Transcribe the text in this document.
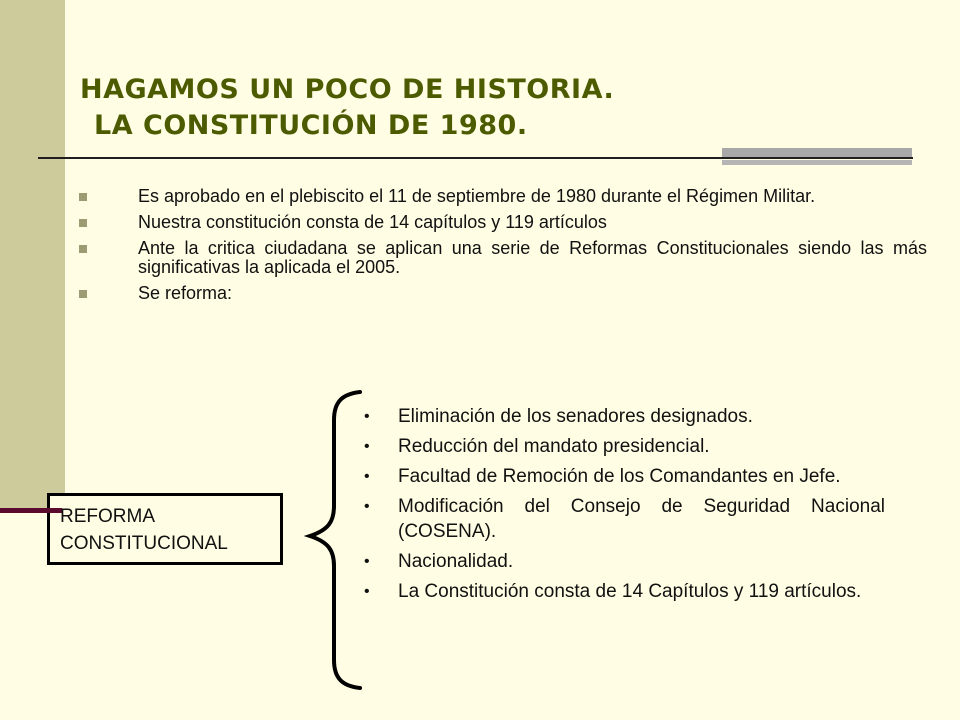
HAGAMOS UN POCO DE HISTORIA.
LA CONSTITUCIÓN DE 1980.
Es aprobado en el plebiscito el 11 de septiembre de 1980 durante el Régimen Militar.
Nuestra constitución consta de 14 capítulos y 119 artículos
Ante la critica ciudadana se aplican una serie de Reformas Constitucionales siendo las más significativas la aplicada el 2005.
Se reforma:
REFORMA
CONSTITUCIONAL
• Eliminación de los senadores designados.
• Reducción del mandato presidencial.
• Facultad de Remoción de los Comandantes en Jefe.
• Modificación del Consejo de Seguridad Nacional (COSENA).
• Nacionalidad.
• La Constitución consta de 14 Capítulos y 119 artículos.
